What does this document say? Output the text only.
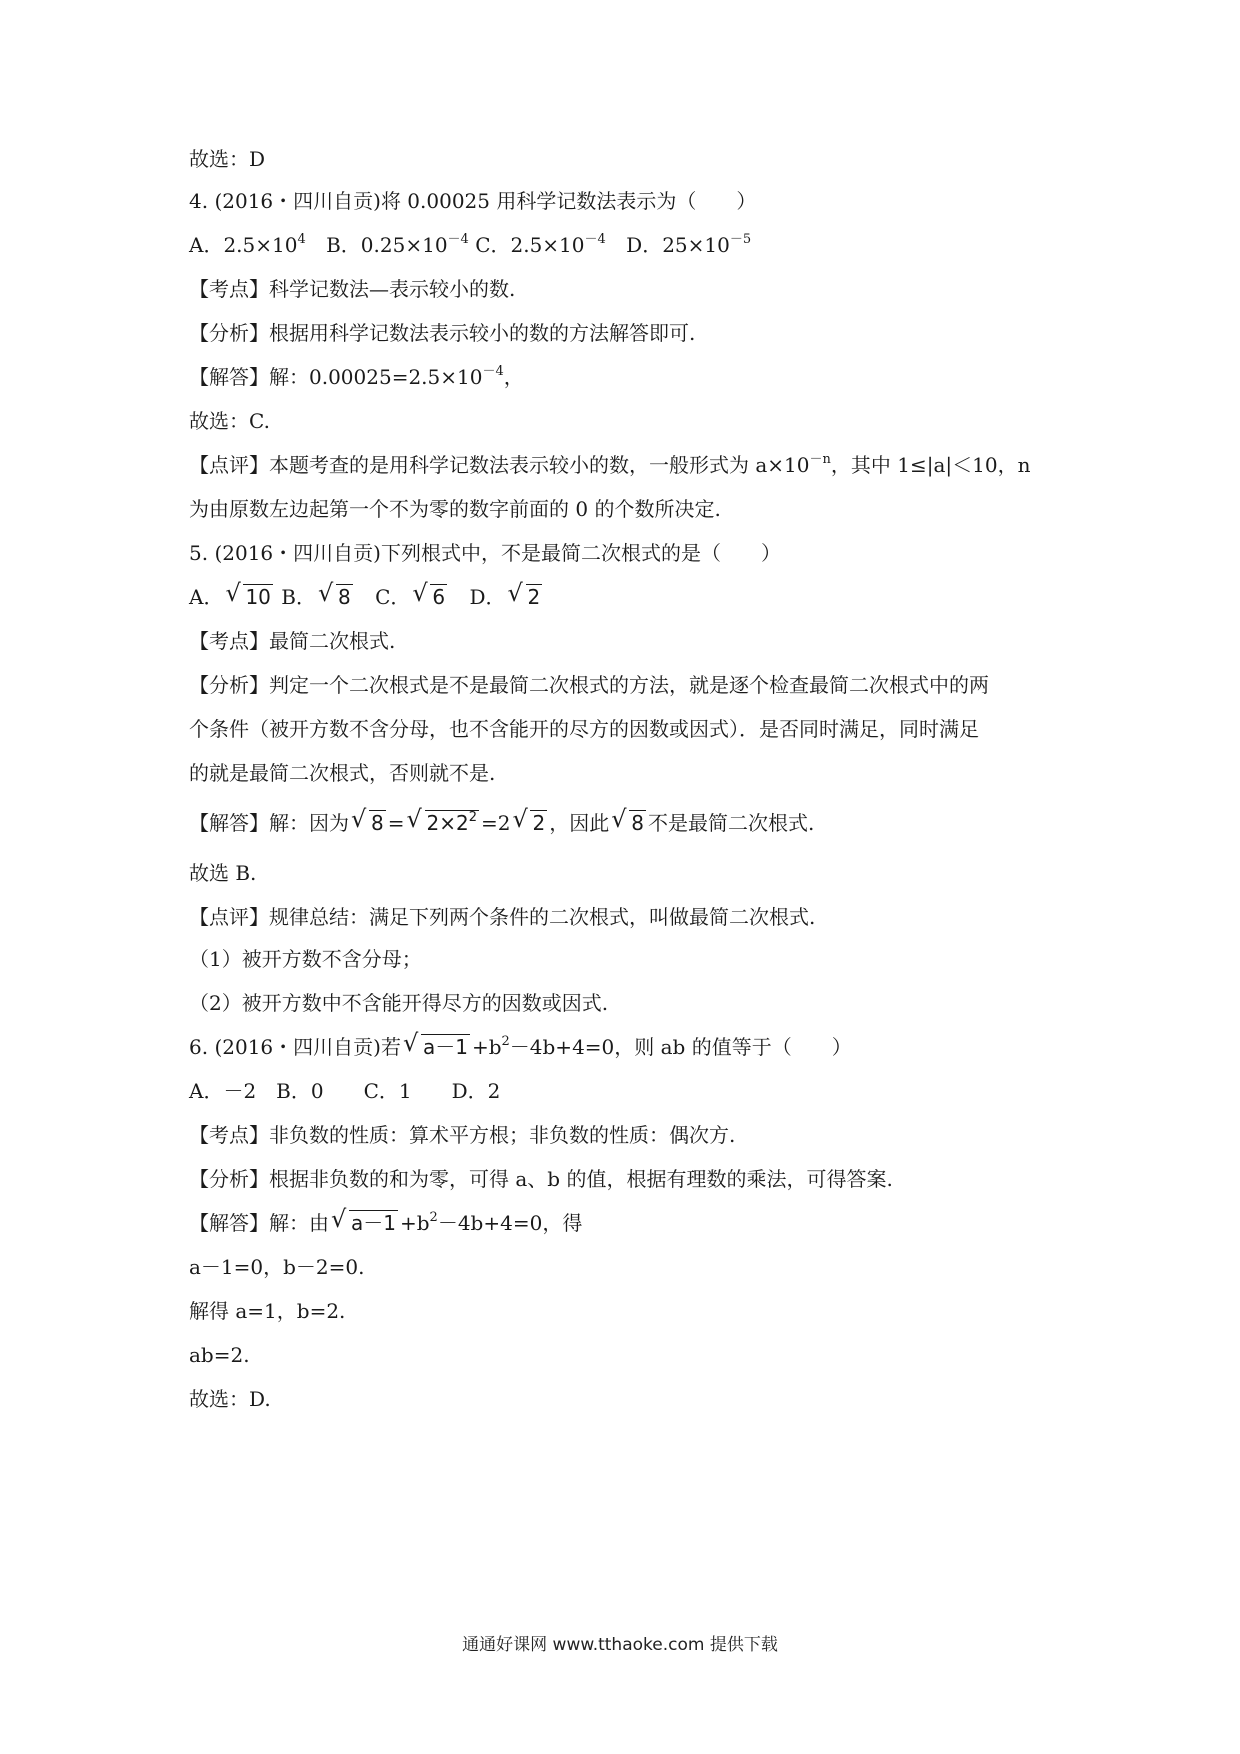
故选：D
4. (2016・四川自贡)将 0.00025 用科学记数法表示为（　　）
A．$2.5\times 10^4$ B．$0.25\times 10^{-4}$ C．$2.5\times 10^{-4}$ D．$25\times 10^{-5}$
【考点】科学记数法—表示较小的数.
【分析】根据用科学记数法表示较小的数的方法解答即可.
【解答】解：$0.00025=2.5\times 10^{-4}$，
故选：C.
【点评】本题考查的是用科学记数法表示较小的数，一般形式为 $a\times 10^{-n}$，其中 1≤|a|＜10，n
为由原数左边起第一个不为零的数字前面的 0 的个数所决定.
5. (2016・四川自贡)下列根式中，不是最简二次根式的是（　　）
A．√ 10 B．√ 8 C．√ 6 D．√ 2
【考点】最简二次根式.
【分析】判定一个二次根式是不是最简二次根式的方法，就是逐个检查最简二次根式中的两
个条件（被开方数不含分母，也不含能开的尽方的因数或因式）．是否同时满足，同时满足
的就是最简二次根式，否则就不是.
【解答】解：因为√ 8 =√ $2\times 2^2 =2√$ 2 ，因此√ 8 不是最简二次根式.
故选 B.
【点评】规律总结：满足下列两个条件的二次根式，叫做最简二次根式.
（1）被开方数不含分母；
（2）被开方数中不含能开得尽方的因数或因式.
6. (2016・四川自贡)若√ $a-1 +b^2-4b+4=0$，则 ab 的值等于（　　）
A．－2　B．0　　C．1　　D．2
【考点】非负数的性质：算术平方根；非负数的性质：偶次方.
【分析】根据非负数的和为零，可得 a、b 的值，根据有理数的乘法，可得答案.
【解答】解：由√ $a-1 +b^2-4b+4=0$，得
a－1=0，b－2=0.
解得 a=1，b=2.
ab=2.
故选：D.
通通好课网 www.tthaoke.com 提供下载
